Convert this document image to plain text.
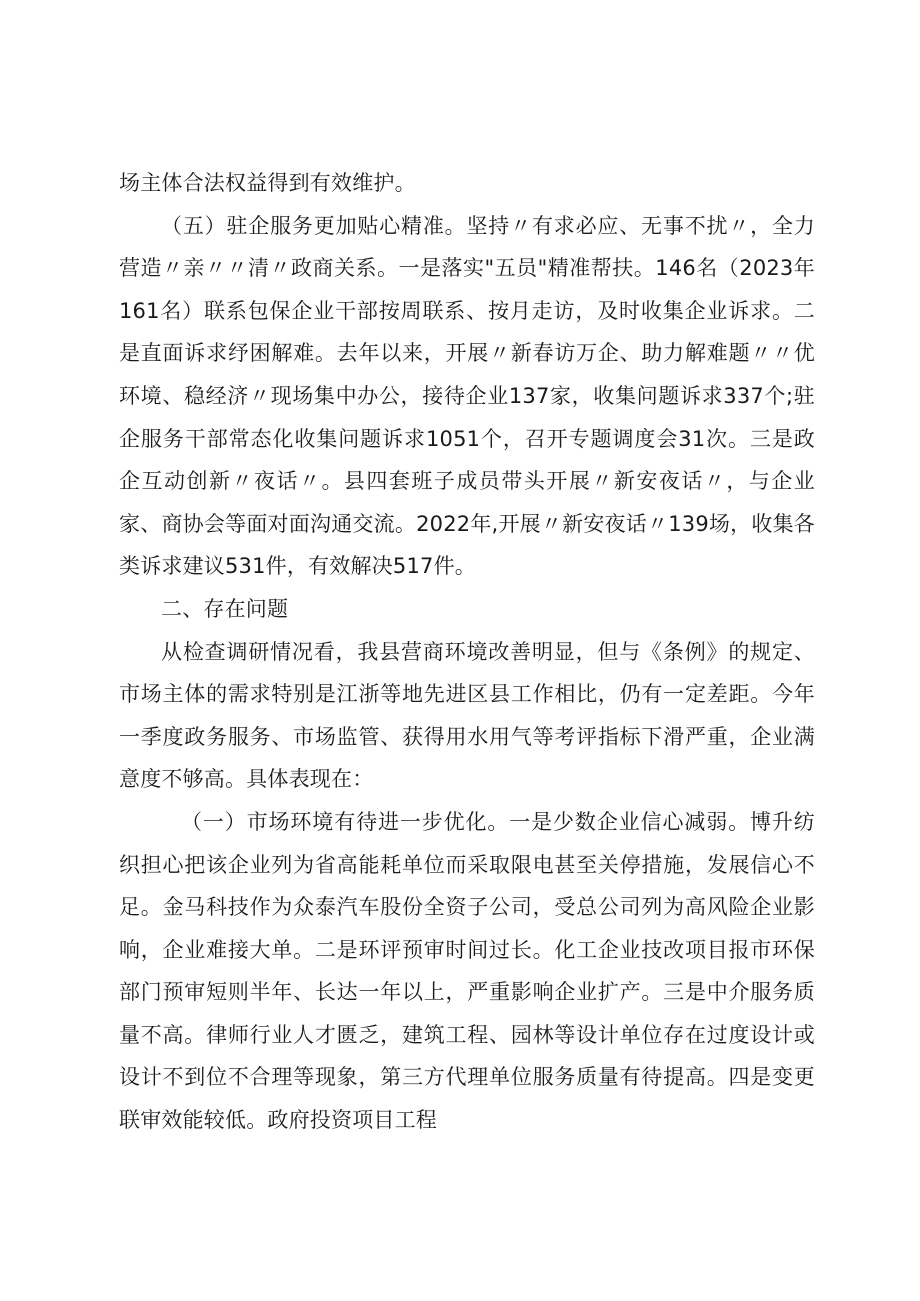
场主体合法权益得到有效维护。

（五）驻企服务更加贴心精准。坚持〃有求必应、无事不扰〃，全力营造〃亲〃〃清〃政商关系。一是落实"五员"精准帮扶。146名（2023年161名）联系包保企业干部按周联系、按月走访，及时收集企业诉求。二是直面诉求纾困解难。去年以来，开展〃新春访万企、助力解难题〃〃优环境、稳经济〃现场集中办公，接待企业137家，收集问题诉求337个;驻企服务干部常态化收集问题诉求1051个，召开专题调度会31次。三是政企互动创新〃夜话〃。县四套班子成员带头开展〃新安夜话〃，与企业家、商协会等面对面沟通交流。2022年,开展〃新安夜话〃139场，收集各类诉求建议531件，有效解决517件。

二、存在问题

从检查调研情况看，我县营商环境改善明显，但与《条例》的规定、市场主体的需求特别是江浙等地先进区县工作相比，仍有一定差距。今年一季度政务服务、市场监管、获得用水用气等考评指标下滑严重，企业满意度不够高。具体表现在：

（一）市场环境有待进一步优化。一是少数企业信心减弱。博升纺织担心把该企业列为省高能耗单位而采取限电甚至关停措施，发展信心不足。金马科技作为众泰汽车股份全资子公司，受总公司列为高风险企业影响，企业难接大单。二是环评预审时间过长。化工企业技改项目报市环保部门预审短则半年、长达一年以上，严重影响企业扩产。三是中介服务质量不高。律师行业人才匮乏，建筑工程、园林等设计单位存在过度设计或设计不到位不合理等现象，第三方代理单位服务质量有待提高。四是变更联审效能较低。政府投资项目工程
